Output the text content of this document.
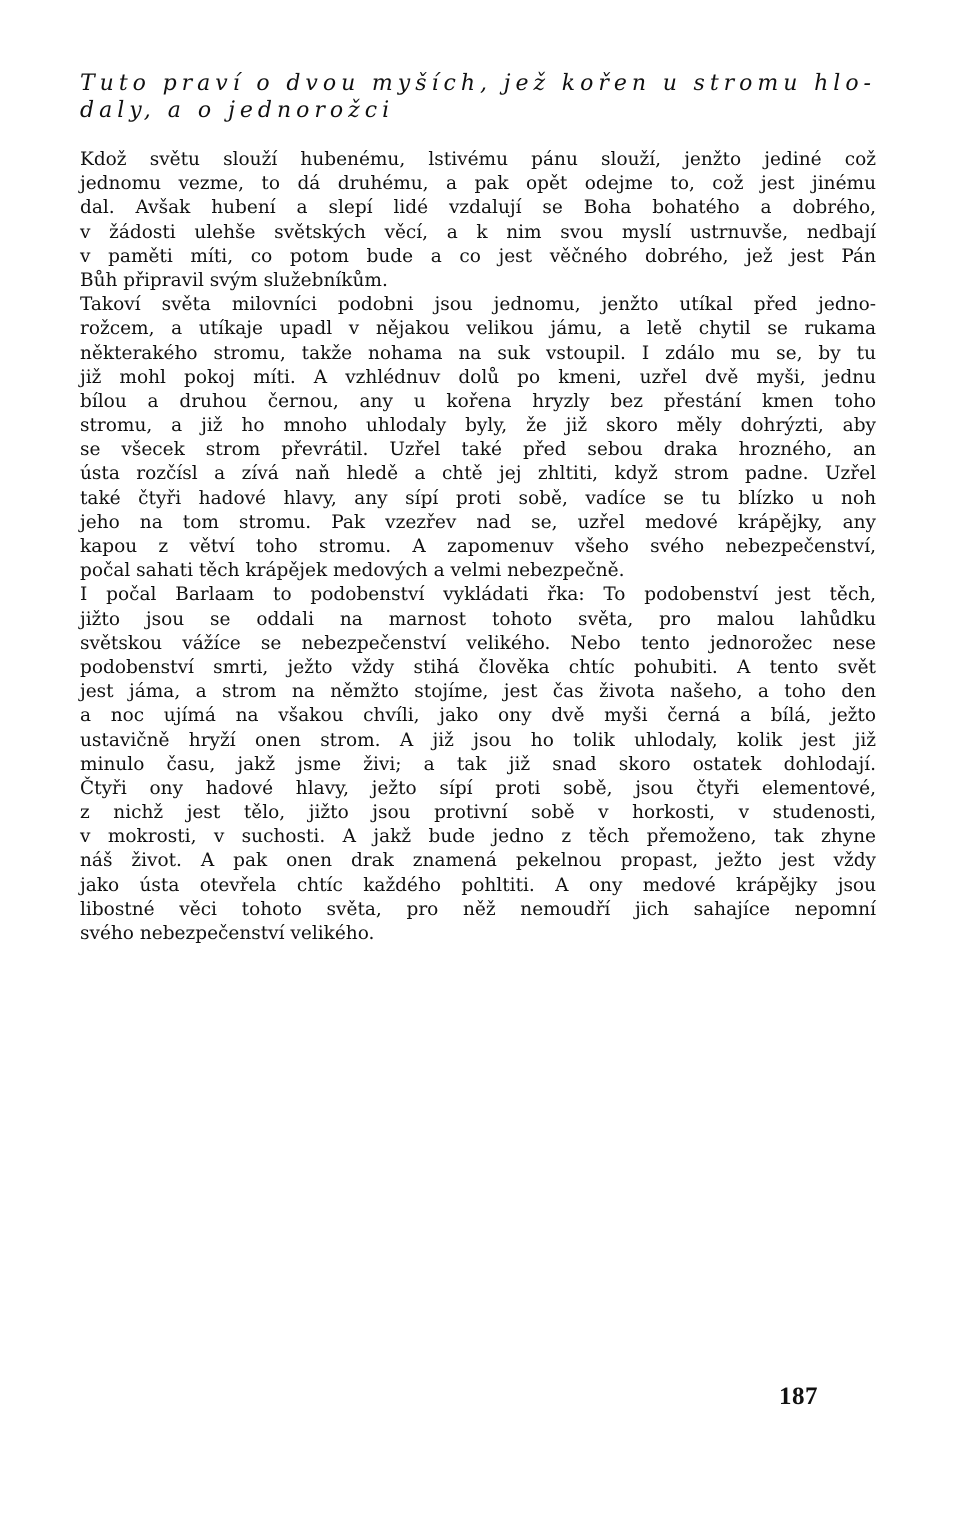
Tuto praví o dvou myších, jež kořen u stromu hlo-
daly, a o jednorožci
Kdož světu slouží hubenému, lstivému pánu slouží, jenžto jediné což
jednomu vezme, to dá druhému, a pak opět odejme to, což jest jinému
dal. Avšak hubení a slepí lidé vzdalují se Boha bohatého a dobrého,
v žádosti ulehše světských věcí, a k nim svou myslí ustrnuvše, nedbají
v paměti míti, co potom bude a co jest věčného dobrého, jež jest Pán
Bůh připravil svým služebníkům.
Takoví světa milovníci podobni jsou jednomu, jenžto utíkal před jedno-
rožcem, a utíkaje upadl v nějakou velikou jámu, a letě chytil se rukama
některakého stromu, takže nohama na suk vstoupil. I zdálo mu se, by tu
již mohl pokoj míti. A vzhlédnuv dolů po kmeni, uzřel dvě myši, jednu
bílou a druhou černou, any u kořena hryzly bez přestání kmen toho
stromu, a již ho mnoho uhlodaly byly, že již skoro měly dohrýzti, aby
se všecek strom převrátil. Uzřel také před sebou draka hrozného, an
ústa rozčísl a zívá naň hledě a chtě jej zhltiti, když strom padne. Uzřel
také čtyři hadové hlavy, any sípí proti sobě, vadíce se tu blízko u noh
jeho na tom stromu. Pak vzezřev nad se, uzřel medové krápějky, any
kapou z větví toho stromu. A zapomenuv všeho svého nebezpečenství,
počal sahati těch krápějek medových a velmi nebezpečně.
I počal Barlaam to podobenství vykládati řka: To podobenství jest těch,
jižto jsou se oddali na marnost tohoto světa, pro malou lahůdku
světskou vážíce se nebezpečenství velikého. Nebo tento jednorožec nese
podobenství smrti, ježto vždy stihá člověka chtíc pohubiti. A tento svět
jest jáma, a strom na němžto stojíme, jest čas života našeho, a toho den
a noc ujímá na všakou chvíli, jako ony dvě myši černá a bílá, ježto
ustavičně hryží onen strom. A již jsou ho tolik uhlodaly, kolik jest již
minulo času, jakž jsme živi; a tak již snad skoro ostatek dohlodají.
Čtyři ony hadové hlavy, ježto sípí proti sobě, jsou čtyři elementové,
z nichž jest tělo, jižto jsou protivní sobě v horkosti, v studenosti,
v mokrosti, v suchosti. A jakž bude jedno z těch přemoženo, tak zhyne
náš život. A pak onen drak znamená pekelnou propast, ježto jest vždy
jako ústa otevřela chtíc každého pohltiti. A ony medové krápějky jsou
libostné věci tohoto světa, pro něž nemoudří jich sahajíce nepomní
svého nebezpečenství velikého.
187
